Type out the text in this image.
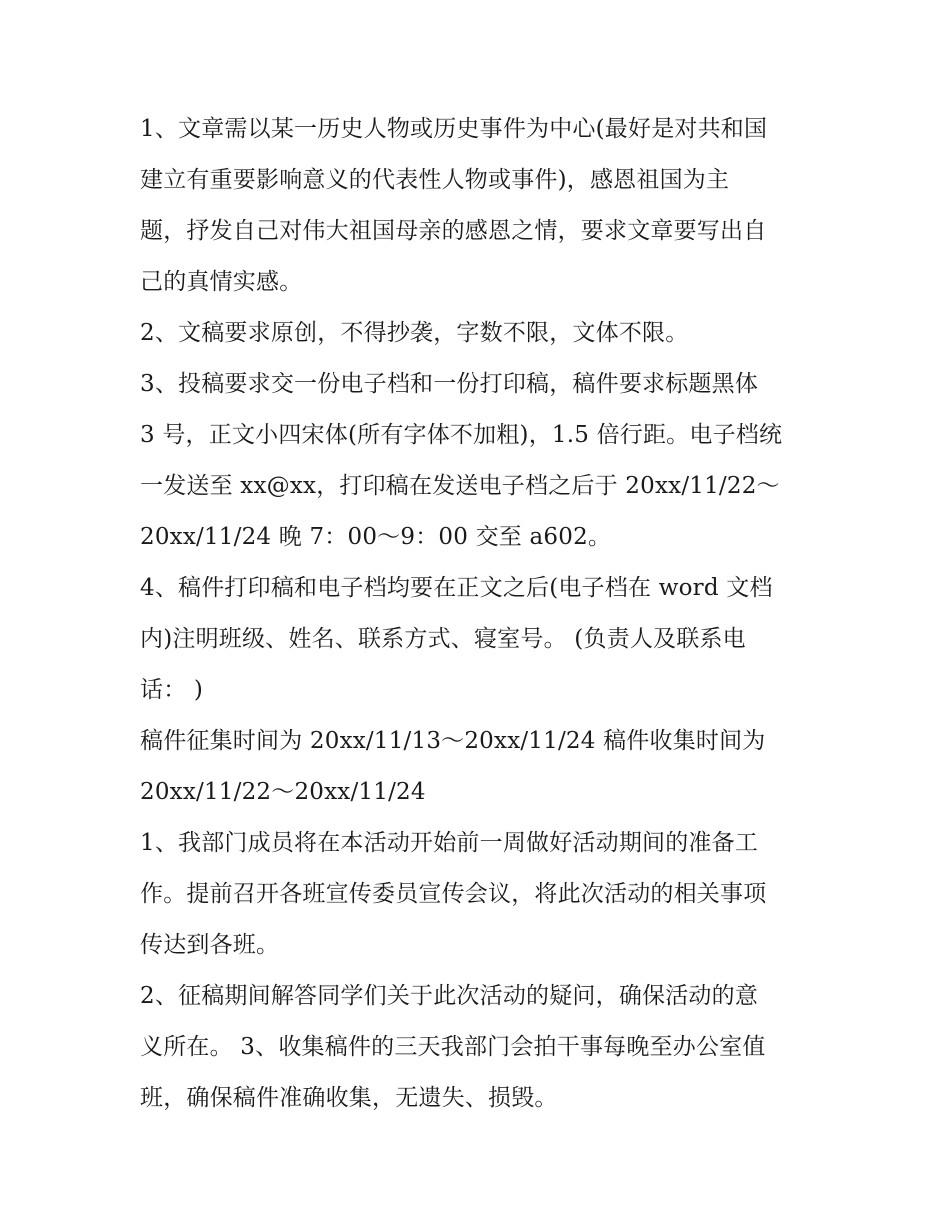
1、文章需以某一历史人物或历史事件为中心(最好是对共和国
建立有重要影响意义的代表性人物或事件)，感恩祖国为主
题，抒发自己对伟大祖国母亲的感恩之情，要求文章要写出自
己的真情实感。
2、文稿要求原创，不得抄袭，字数不限，文体不限。
3、投稿要求交一份电子档和一份打印稿，稿件要求标题黑体
3 号，正文小四宋体(所有字体不加粗)，1.5 倍行距。电子档统
一发送至 xx@xx，打印稿在发送电子档之后于 20xx/11/22～
20xx/11/24 晚 7：00～9：00 交至 a602。
4、稿件打印稿和电子档均要在正文之后(电子档在 word 文档
内)注明班级、姓名、联系方式、寝室号。 (负责人及联系电
话： )
稿件征集时间为 20xx/11/13～20xx/11/24 稿件收集时间为
20xx/11/22～20xx/11/24
1、我部门成员将在本活动开始前一周做好活动期间的准备工
作。提前召开各班宣传委员宣传会议，将此次活动的相关事项
传达到各班。
2、征稿期间解答同学们关于此次活动的疑问，确保活动的意
义所在。 3、收集稿件的三天我部门会拍干事每晚至办公室值
班，确保稿件准确收集，无遗失、损毁。
